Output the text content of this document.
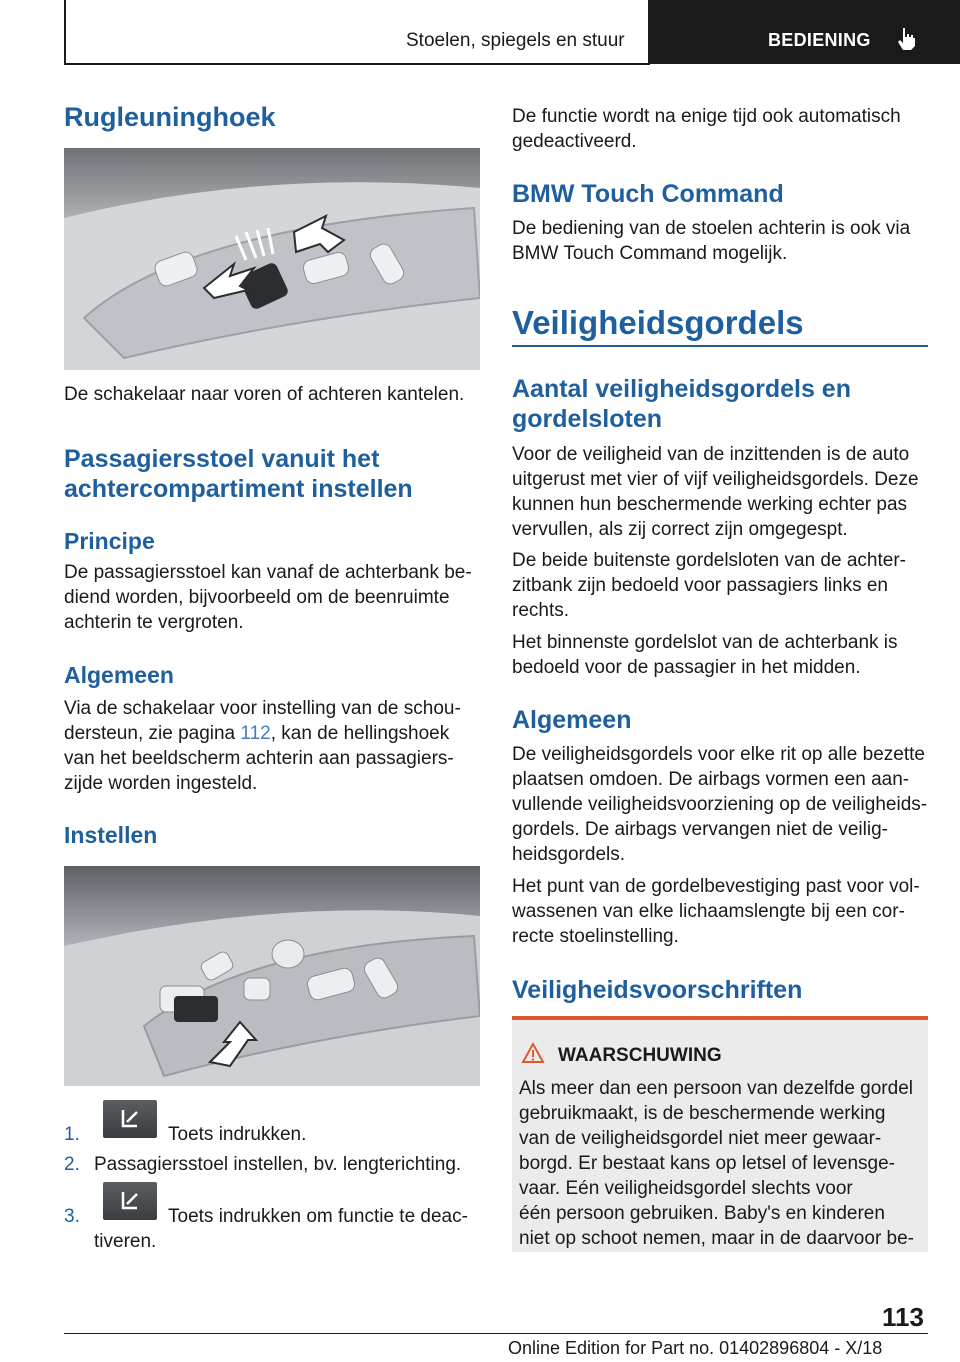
Stoelen, spiegels en stuur	BEDIENING
Rugleuninghoek
De schakelaar naar voren of achteren kantelen.
Passagiersstoel vanuit het
achtercompartiment instellen
Principe
De passagiersstoel kan vanaf de achterbank be-
diend worden, bijvoorbeeld om de beenruimte
achterin te vergroten.
Algemeen
Via de schakelaar voor instelling van de schou-
dersteun, zie pagina 112, kan de hellingshoek
van het beeldscherm achterin aan passagiers-
zijde worden ingesteld.
Instellen
1.	Toets indrukken.
2. Passagiersstoel instellen, bv. lengterichting.
3.	Toets indrukken om functie te deac-
tiveren.
De functie wordt na enige tijd ook automatisch
gedeactiveerd.
BMW Touch Command
De bediening van de stoelen achterin is ook via
BMW Touch Command mogelijk.
Veiligheidsgordels
Aantal veiligheidsgordels en
gordelsloten
Voor de veiligheid van de inzittenden is de auto
uitgerust met vier of vijf veiligheidsgordels. Deze
kunnen hun beschermende werking echter pas
vervullen, als zij correct zijn omgegespt.
De beide buitenste gordelsloten van de achter-
zitbank zijn bedoeld voor passagiers links en
rechts.
Het binnenste gordelslot van de achterbank is
bedoeld voor de passagier in het midden.
Algemeen
De veiligheidsgordels voor elke rit op alle bezette
plaatsen omdoen. De airbags vormen een aan-
vullende veiligheidsvoorziening op de veiligheids-
gordels. De airbags vervangen niet de veilig-
heidsgordels.
Het punt van de gordelbevestiging past voor vol-
wassenen van elke lichaamslengte bij een cor-
recte stoelinstelling.
Veiligheidsvoorschriften
WAARSCHUWING
Als meer dan een persoon van dezelfde gordel
gebruikmaakt, is de beschermende werking
van de veiligheidsgordel niet meer gewaar-
borgd. Er bestaat kans op letsel of levensge-
vaar. Eén veiligheidsgordel slechts voor
één persoon gebruiken. Baby's en kinderen
niet op schoot nemen, maar in de daarvoor be-
113
Online Edition for Part no. 01402896804 - X/18
